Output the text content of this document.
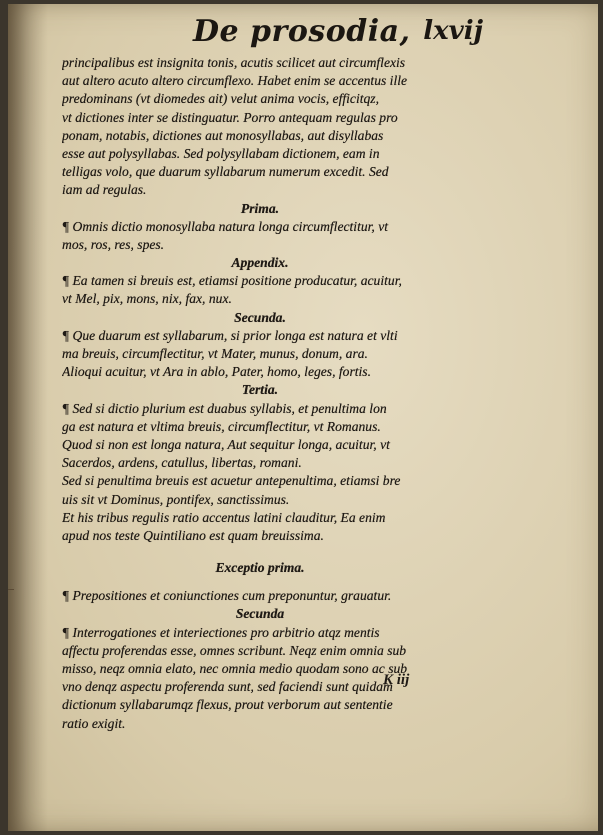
De prosodia, lxvij
principalibus est insignita tonis, acutis scilicet aut circumflexis
aut altero acuto altero circumflexo. Habet enim se accentus ille
predominans (vt diomedes ait) velut anima vocis, efficitqz,
vt dictiones inter se distinguatur. Porro antequam regulas pro
ponam, notabis, dictiones aut monosyllabas, aut disyllabas
esse aut polysyllabas. Sed polysyllabam dictionem, eam in
telligas volo, que duarum syllabarum numerum excedit. Sed
iam ad regulas.
Prima.
¶ Omnis dictio monosyllaba natura longa circumflectitur, vt
mos, ros, res, spes.
Appendix.
¶ Ea tamen si breuis est, etiamsi positione producatur, acuitur,
vt Mel, pix, mons, nix, fax, nux.
Secunda.
¶ Que duarum est syllabarum, si prior longa est natura et vlti
ma breuis, circumflectitur, vt Mater, munus, donum, ara.
Alioqui acuitur, vt Ara in ablo, Pater, homo, leges, fortis.
Tertia.
¶ Sed si dictio plurium est duabus syllabis, et penultima lon
ga est natura et vltima breuis, circumflectitur, vt Romanus.
Quod si non est longa natura, Aut sequitur longa, acuitur, vt
Sacerdos, ardens, catullus, libertas, romani.
Sed si penultima breuis est acuetur antepenultima, etiamsi bre
uis sit vt Dominus, pontifex, sanctissimus.
Et his tribus regulis ratio accentus latini clauditur, Ea enim
apud nos teste Quintiliano est quam breuissima.
Exceptio prima.
¶ Prepositiones et coniunctiones cum preponuntur, grauatur.
Secunda
¶ Interrogationes et interiectiones pro arbitrio atqz mentis
affectu proferendas esse, omnes scribunt. Neqz enim omnia sub
misso, neqz omnia elato, nec omnia medio quodam sono ac sub
vno denqz aspectu proferenda sunt, sed faciendi sunt quidam
dictionum syllabarumqz flexus, prout verborum aut sententie
ratio exigit.
K iij
